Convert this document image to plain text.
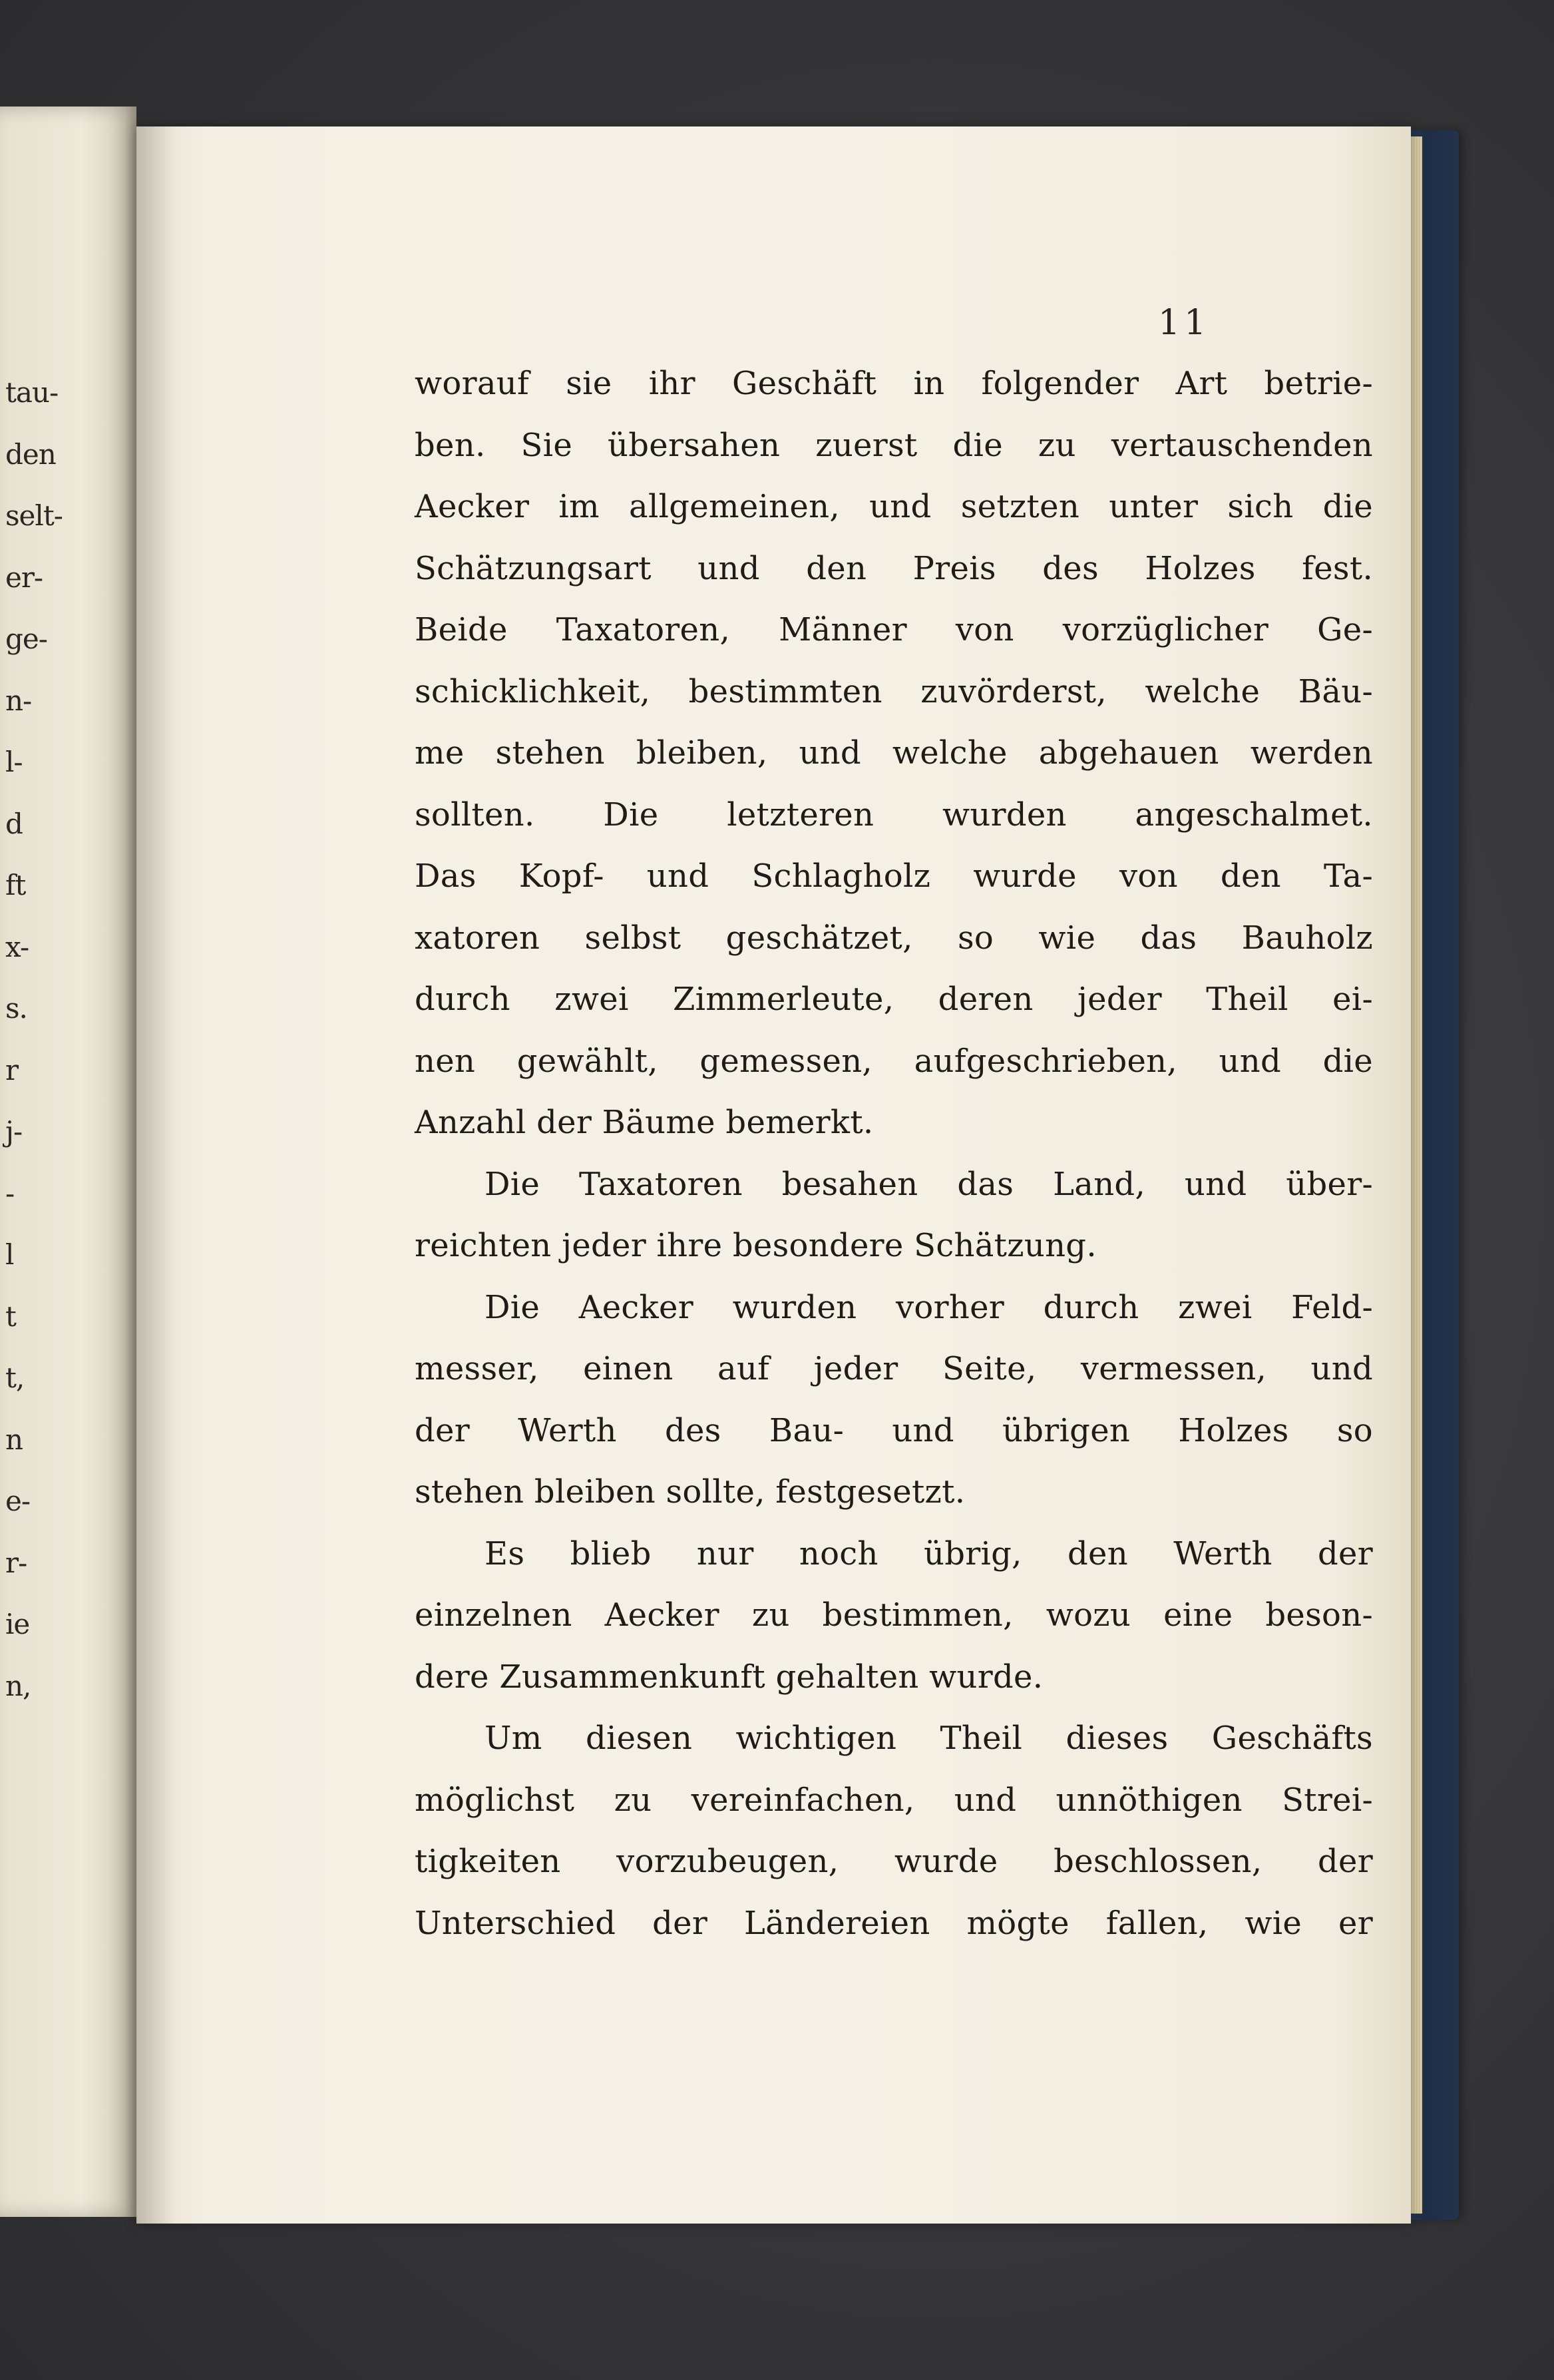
tau-
den
selt-
er-
ge-
n-
l-
d
ft
x-
s.
r
j-
-
l
t
t,
n
e-
r-
ie
n,
11
worauf sie ihr Geschäft in folgender Art betrie-
ben. Sie übersahen zuerst die zu vertauschenden
Aecker im allgemeinen, und setzten unter sich die
Schätzungsart und den Preis des Holzes fest.
Beide Taxatoren, Männer von vorzüglicher Ge-
schicklichkeit, bestimmten zuvörderst, welche Bäu-
me stehen bleiben, und welche abgehauen werden
sollten. Die letzteren wurden angeschalmet.
Das Kopf- und Schlagholz wurde von den Ta-
xatoren selbst geschätzet, so wie das Bauholz
durch zwei Zimmerleute, deren jeder Theil ei-
nen gewählt, gemessen, aufgeschrieben, und die
Anzahl der Bäume bemerkt.
Die Taxatoren besahen das Land, und über-
reichten jeder ihre besondere Schätzung.
Die Aecker wurden vorher durch zwei Feld-
messer, einen auf jeder Seite, vermessen, und
der Werth des Bau- und übrigen Holzes so
stehen bleiben sollte, festgesetzt.
Es blieb nur noch übrig, den Werth der
einzelnen Aecker zu bestimmen, wozu eine beson-
dere Zusammenkunft gehalten wurde.
Um diesen wichtigen Theil dieses Geschäfts
möglichst zu vereinfachen, und unnöthigen Strei-
tigkeiten vorzubeugen, wurde beschlossen, der
Unterschied der Ländereien mögte fallen, wie er
